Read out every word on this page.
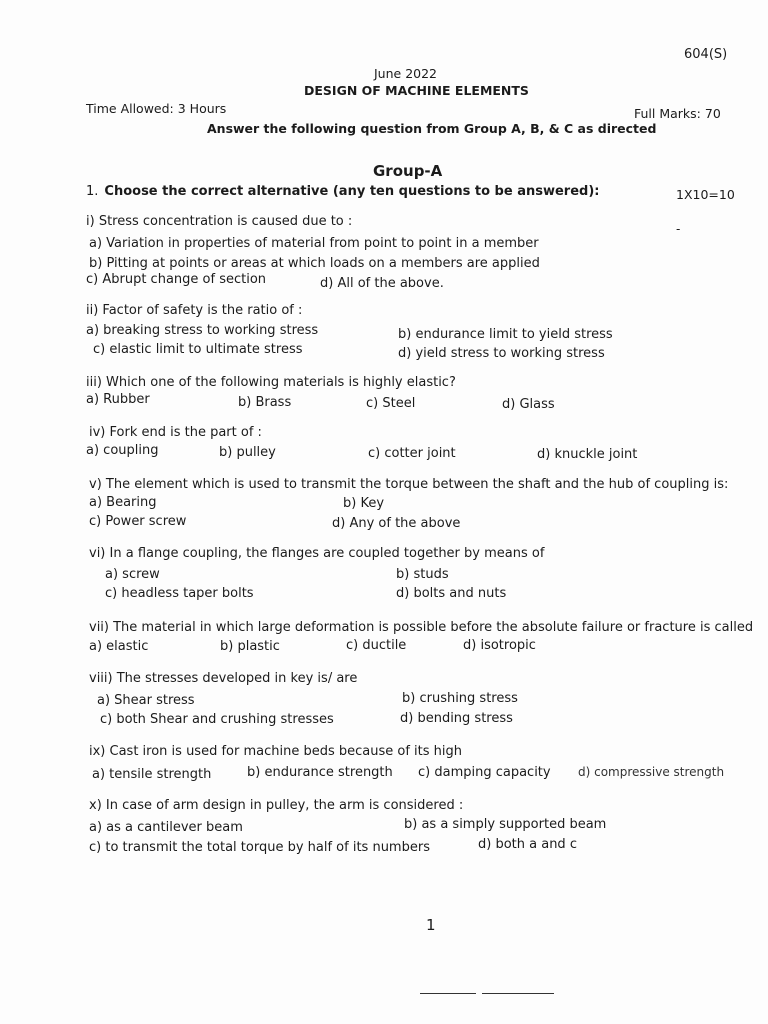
604(S)
June 2022
DESIGN OF MACHINE ELEMENTS
Time Allowed: 3 Hours	Full Marks: 70
Answer the following question from Group A, B, & C as directed
Group-A
1. Choose the correct alternative (any ten questions to be answered):	1X10=10
-
i) Stress concentration is caused due to :
a) Variation in properties of material from point to point in a member
b) Pitting at points or areas at which loads on a members are applied
c) Abrupt change of section	d) All of the above.
ii) Factor of safety is the ratio of :
a) breaking stress to working stress	b) endurance limit to yield stress
c) elastic limit to ultimate stress	d) yield stress to working stress
iii) Which one of the following materials is highly elastic?
a) Rubber	b) Brass	c) Steel	d) Glass
iv) Fork end is the part of :
a) coupling	b) pulley	c) cotter joint	d) knuckle joint
v) The element which is used to transmit the torque between the shaft and the hub of coupling is:
a) Bearing	b) Key
c) Power screw	d) Any of the above
vi) In a flange coupling, the flanges are coupled together by means of
a) screw	b) studs
c) headless taper bolts	d) bolts and nuts
vii) The material in which large deformation is possible before the absolute failure or fracture is called
a) elastic	b) plastic	c) ductile	d) isotropic
viii) The stresses developed in key is/ are
a) Shear stress	b) crushing stress
c) both Shear and crushing stresses	d) bending stress
ix) Cast iron is used for machine beds because of its high
a) tensile strength	b) endurance strength c) damping capacity d) compressive strength
x) In case of arm design in pulley, the arm is considered :
a) as a cantilever beam	b) as a simply supported beam
c) to transmit the total torque by half of its numbers	d) both a and c
1
